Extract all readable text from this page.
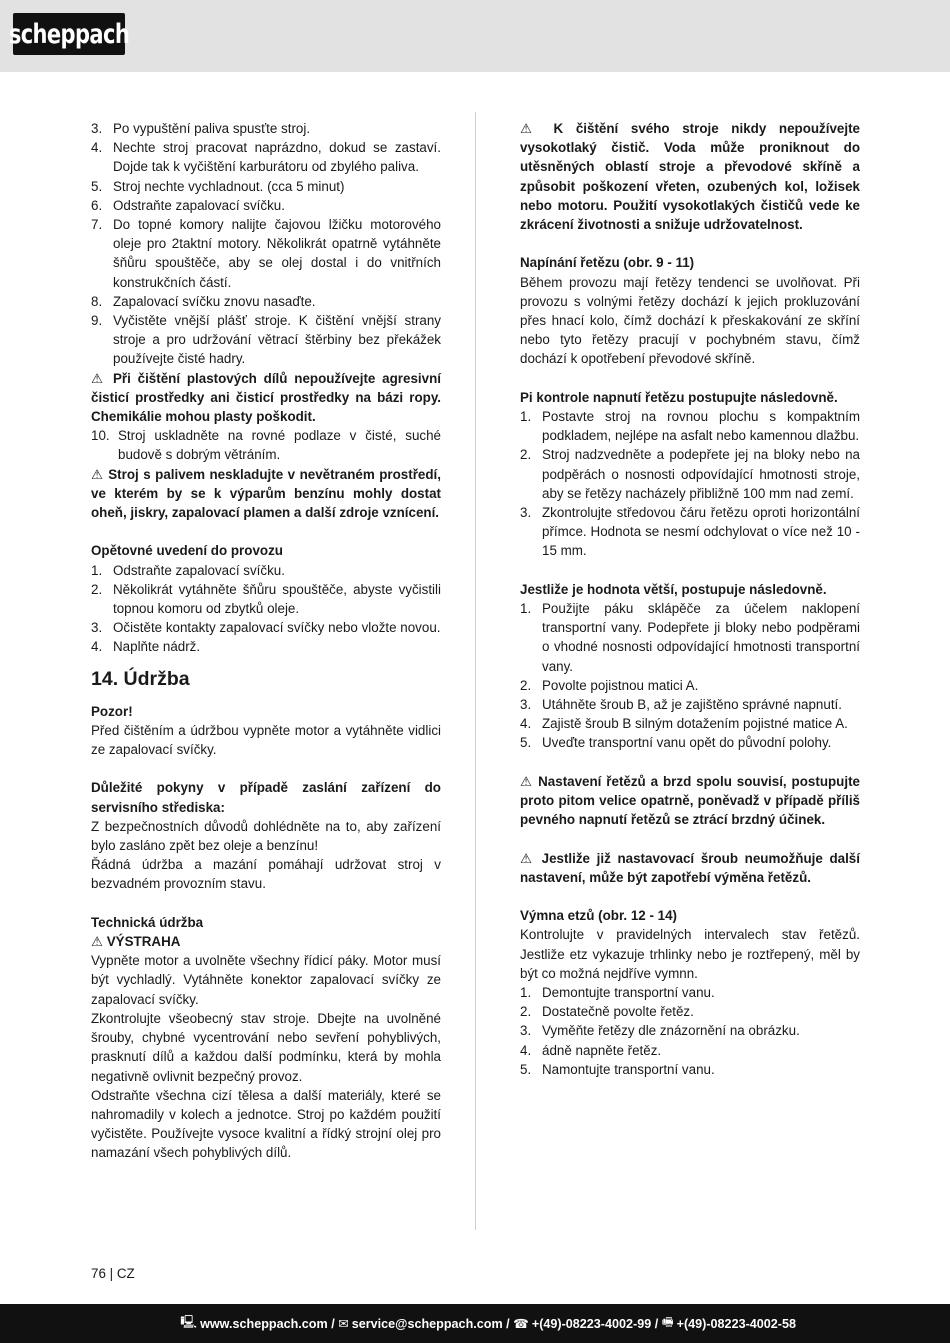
scheppach
3. Po vypuštění paliva spusťte stroj.
4. Nechte stroj pracovat naprázdno, dokud se zastaví. Dojde tak k vyčištění karburátoru od zbylého paliva.
5. Stroj nechte vychladnout. (cca 5 minut)
6. Odstraňte zapalovací svíčku.
7. Do topné komory nalijte čajovou lžičku motorového oleje pro 2taktní motory. Několikrát opatrně vytáhněte šňůru spouštěče, aby se olej dostal i do vnitřních konstrukčních částí.
8. Zapalovací svíčku znovu nasaďte.
9. Vyčistěte vnější plášť stroje. K čištění vnější strany stroje a pro udržování větrací štěrbiny bez překážek používejte čisté hadry.

⚠ Při čištění plastových dílů nepoužívejte agresivní čisticí prostředky ani čisticí prostředky na bázi ropy. Chemikálie mohou plasty poškodit.

10. Stroj uskladněte na rovné podlaze v čisté, suché budově s dobrým větráním.

⚠ Stroj s palivem neskladujte v nevětraném prostředí, ve kterém by se k výparům benzínu mohly dostat oheň, jiskry, zapalovací plamen a další zdroje vznícení.

Opětovné uvedení do provozu

1. Odstraňte zapalovací svíčku.
2. Několikrát vytáhněte šňůru spouštěče, abyste vyčistili topnou komoru od zbytků oleje.
3. Očistěte kontakty zapalovací svíčky nebo vložte novou.
4. Naplňte nádrž.
14. Údržba

Pozor!

Před čištěním a údržbou vypněte motor a vytáhněte vidlici ze zapalovací svíčky.

Důležité pokyny v případě zaslání zařízení do servisního střediska:

Z bezpečnostních důvodů dohlédněte na to, aby zařízení bylo zasláno zpět bez oleje a benzínu!

Řádná údržba a mazání pomáhají udržovat stroj v bezvadném provozním stavu.

Technická údržba

⚠ VÝSTRAHA

Vypněte motor a uvolněte všechny řídicí páky. Motor musí být vychladlý. Vytáhněte konektor zapalovací svíčky ze zapalovací svíčky.

Zkontrolujte všeobecný stav stroje. Dbejte na uvolněné šrouby, chybné vycentrování nebo sevření pohyblivých, prasknutí dílů a každou další podmínku, která by mohla negativně ovlivnit bezpečný provoz.

Odstraňte všechna cizí tělesa a další materiály, které se nahromadily v kolech a jednotce. Stroj po každém použití vyčistěte. Používejte vysoce kvalitní a řídký strojní olej pro namazání všech pohyblivých dílů.

⚠ K čištění svého stroje nikdy nepoužívejte vysokotlaký čistič. Voda může proniknout do utěsněných oblastí stroje a převodové skříně a způsobit poškození vřeten, ozubených kol, ložisek nebo motoru. Použití vysokotlakých čističů vede ke zkrácení životnosti a snižuje udržovatelnost.

Napínání řetězu (obr. 9 - 11)

Během provozu mají řetězy tendenci se uvolňovat. Při provozu s volnými řetězy dochází k jejich prokluzování přes hnací kolo, čímž dochází k přeskakování ze skříní nebo tyto řetězy pracují v pochybném stavu, čímž dochází k opotřebení převodové skříně.

Pi kontrole napnutí řetězu postupujte následovně.

1. Postavte stroj na rovnou plochu s kompaktním podkladem, nejlépe na asfalt nebo kamennou dlažbu.
2. Stroj nadzvedněte a podepřete jej na bloky nebo na podpěrách o nosnosti odpovídající hmotnosti stroje, aby se řetězy nacházely přibližně 100 mm nad zemí.
3. Zkontrolujte středovou čáru řetězu oproti horizontální přímce. Hodnota se nesmí odchylovat o více než 10 - 15 mm.

Jestliže je hodnota větší, postupuje následovně.

1. Použijte páku sklápěče za účelem naklopení transportní vany. Podepřete ji bloky nebo podpěrami o vhodné nosnosti odpovídající hmotnosti transportní vany.
2. Povolte pojistnou matici A.
3. Utáhněte šroub B, až je zajištěno správné napnutí.
4. Zajistě šroub B silným dotažením pojistné matice A.
5. Uveďte transportní vanu opět do původní polohy.

⚠ Nastavení řetězů a brzd spolu souvisí, postupujte proto pitom velice opatrně, poněvadž v případě příliš pevného napnutí řetězů se ztrácí brzdný účinek.

⚠ Jestliže již nastavovací šroub neumožňuje další nastavení, může být zapotřebí výměna řetězů.

Výmna etzů (obr. 12 - 14)

Kontrolujte v pravidelných intervalech stav řetězů. Jestliže etz vykazuje trhlinky nebo je roztřepený, měl by být co možná nejdříve vymnn.

1. Demontujte transportní vanu.
2. Dostatečně povolte řetěz.
3. Vyměňte řetězy dle znázornění na obrázku.
4. ádně napněte řetěz.
5. Namontujte transportní vanu.
76 | CZ
🖳 www.scheppach.com /
✉ service@scheppach.com /
☎ +(49)-08223-4002-99 /
🖷 +(49)-08223-4002-58
